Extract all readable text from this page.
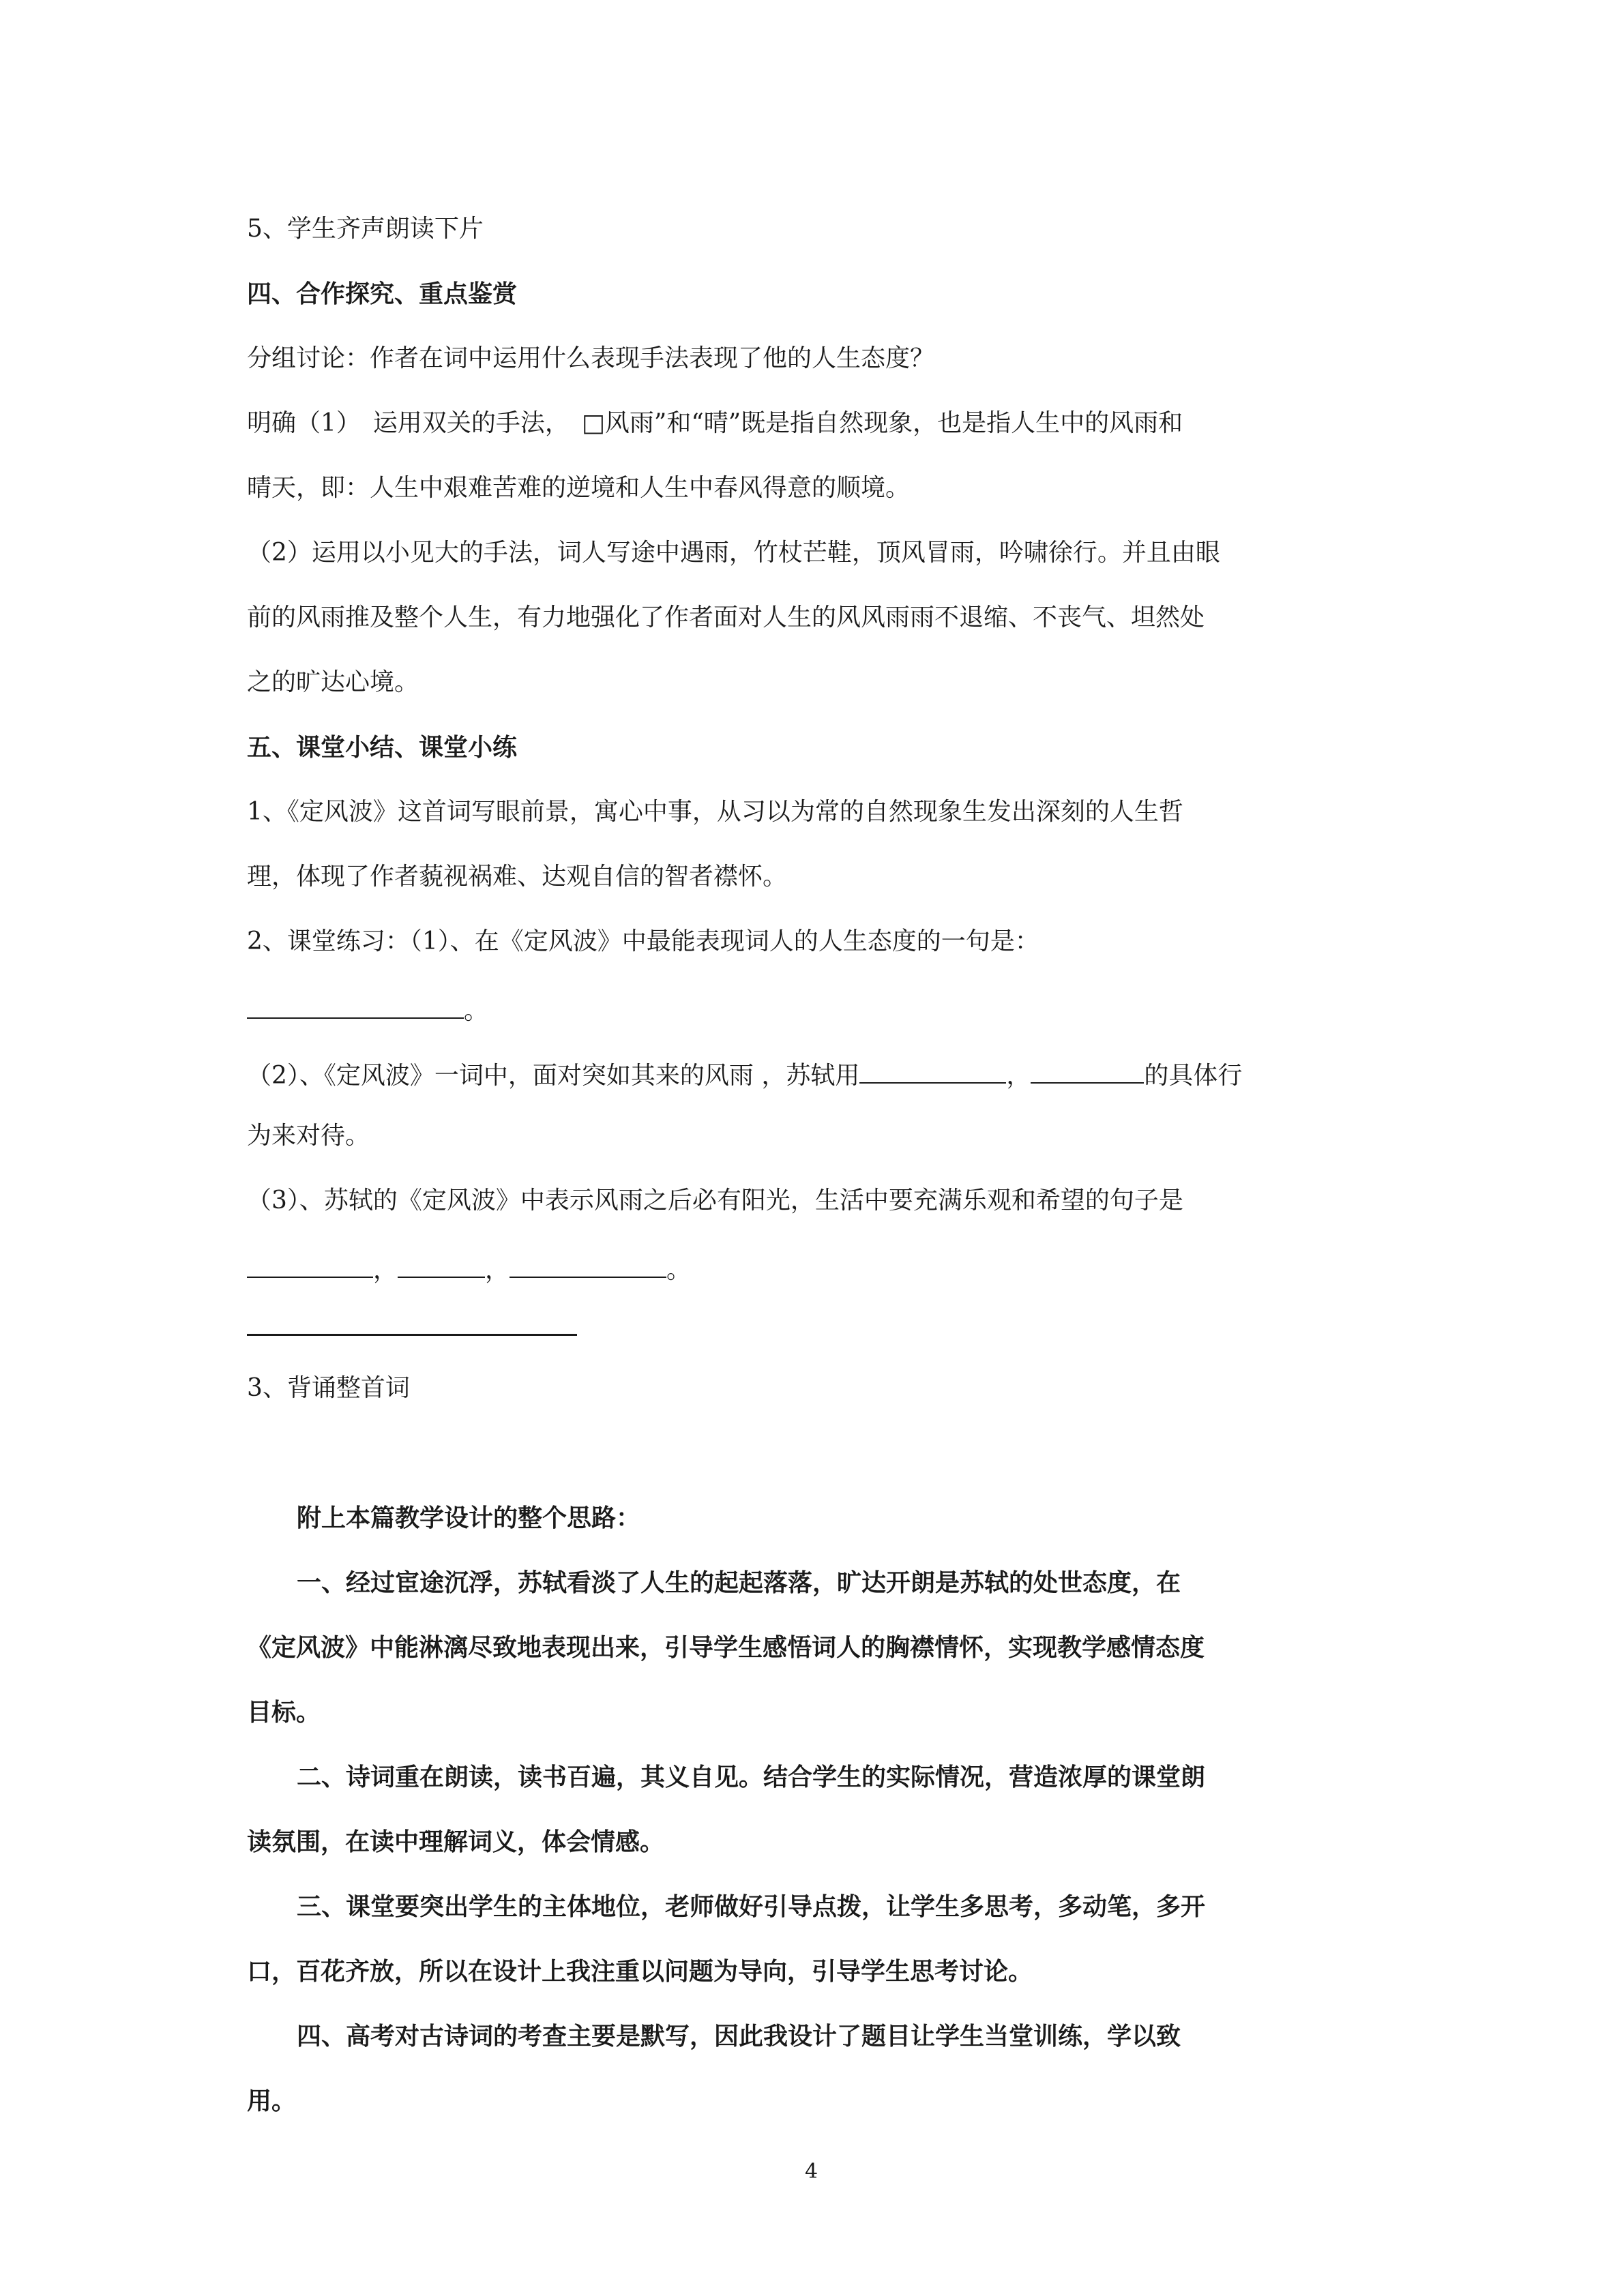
5、学生齐声朗读下片
四、合作探究、重点鉴赏
分组讨论：作者在词中运用什么表现手法表现了他的人生态度？
明确（1）　运用双关的手法，　□风雨”和“晴”既是指自然现象，也是指人生中的风雨和
晴天，即：人生中艰难苦难的逆境和人生中春风得意的顺境。
（2）运用以小见大的手法，词人写途中遇雨，竹杖芒鞋，顶风冒雨，吟啸徐行。并且由眼
前的风雨推及整个人生，有力地强化了作者面对人生的风风雨雨不退缩、不丧气、坦然处
之的旷达心境。
五、课堂小结、课堂小练
1、《定风波》这首词写眼前景，寓心中事，从习以为常的自然现象生发出深刻的人生哲
理，体现了作者藐视祸难、达观自信的智者襟怀。
2、课堂练习：（1）、在《定风波》中最能表现词人的人生态度的一句是：
。
（2）、《定风波》一词中，面对突如其来的风雨 ，苏轼用	，	的具体行
为来对待。
（3）、苏轼的《定风波》中表示风雨之后必有阳光，生活中要充满乐观和希望的句子是
，	，	。
3、背诵整首词
附上本篇教学设计的整个思路：
一、经过宦途沉浮，苏轼看淡了人生的起起落落，旷达开朗是苏轼的处世态度，在
《定风波》中能淋漓尽致地表现出来，引导学生感悟词人的胸襟情怀，实现教学感情态度
目标。
二、诗词重在朗读，读书百遍，其义自见。结合学生的实际情况，营造浓厚的课堂朗
读氛围，在读中理解词义，体会情感。
三、课堂要突出学生的主体地位，老师做好引导点拨，让学生多思考，多动笔，多开
口，百花齐放，所以在设计上我注重以问题为导向，引导学生思考讨论。
四、高考对古诗词的考查主要是默写，因此我设计了题目让学生当堂训练，学以致
用。
4
